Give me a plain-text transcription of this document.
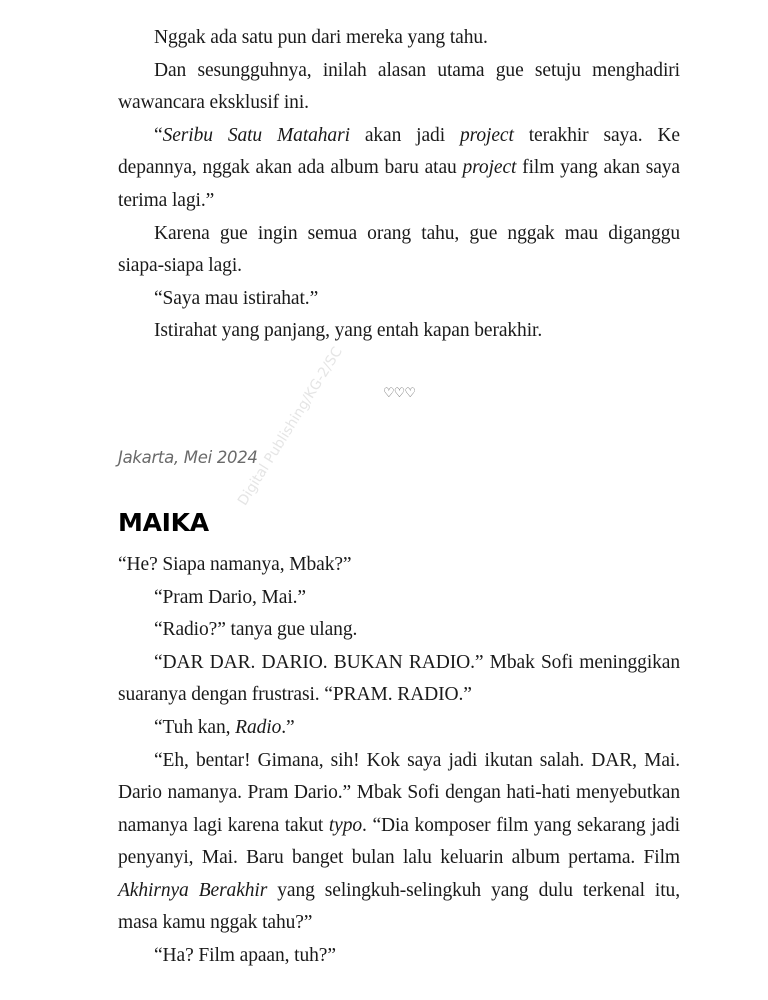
Nggak ada satu pun dari mereka yang tahu.

Dan sesungguhnya, inilah alasan utama gue setuju menghadiri wawancara eksklusif ini.

“Seribu Satu Matahari akan jadi project terakhir saya. Ke depannya, nggak akan ada album baru atau project film yang akan saya terima lagi.”

Karena gue ingin semua orang tahu, gue nggak mau diganggu siapa-siapa lagi.

“Saya mau istirahat.”

Istirahat yang panjang, yang entah kapan berakhir.

♡♡♡
Jakarta, Mei 2024
MAIKA

“He? Siapa namanya, Mbak?”

“Pram Dario, Mai.”

“Radio?” tanya gue ulang.

“DAR DAR. DARIO. BUKAN RADIO.” Mbak Sofi meninggikan suaranya dengan frustrasi. “PRAM. RADIO.”

“Tuh kan, Radio.”

“Eh, bentar! Gimana, sih! Kok saya jadi ikutan salah. DAR, Mai. Dario namanya. Pram Dario.” Mbak Sofi dengan hati-hati menyebutkan namanya lagi karena takut typo. “Dia komposer film yang sekarang jadi penyanyi, Mai. Baru banget bulan lalu keluarin album pertama. Film Akhirnya Berakhir yang selingkuh-selingkuh yang dulu terkenal itu, masa kamu nggak tahu?”

“Ha? Film apaan, tuh?”

Digital Publishing/KG-2/SC
